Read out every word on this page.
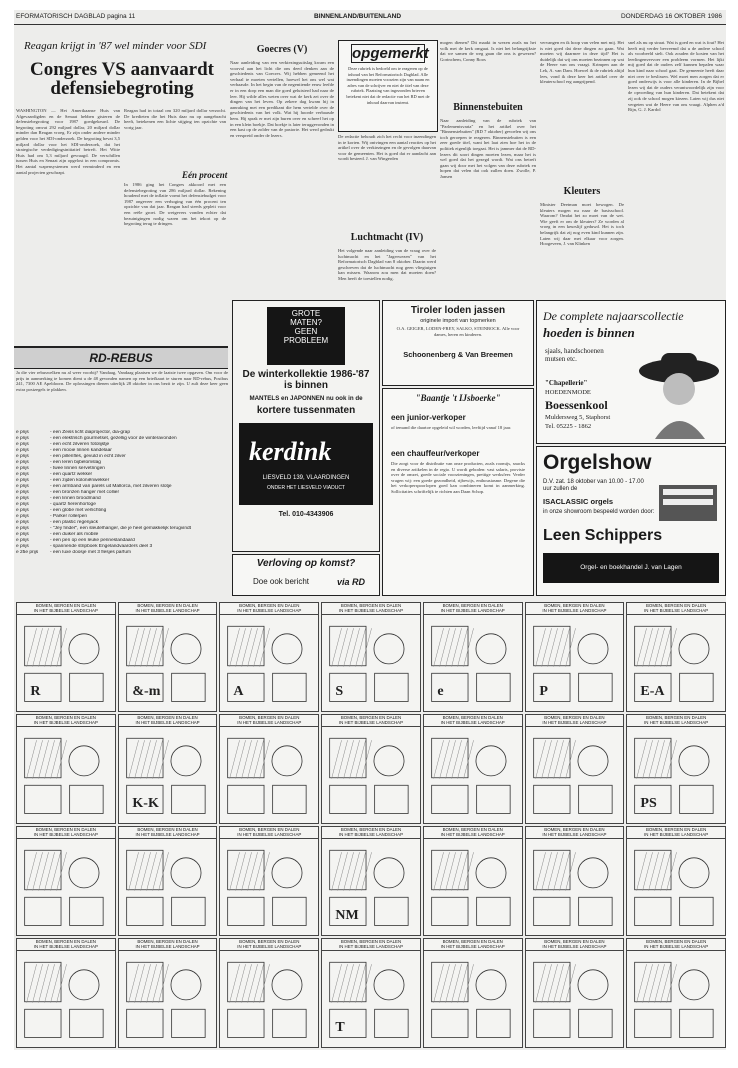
EFORMATORISCH DAGBLAD pagina 11	BINNENLAND/BUITENLAND	DONDERDAG 16 OKTOBER 1986
Reagan krijgt in '87 wel minder voor SDI
Congres VS aanvaardt defensiebegroting
WASHINGTON — Het Amerikaanse Huis van Afgevaardigden en de Senaat hebben gisteren de defensiebegroting voor 1987 goedgekeurd. De begroting omvat 292 miljard dollar, 20 miljard dollar minder dan Reagan vroeg. Er zijn onder andere minder gelden voor het SDI-onderzoek. De begroting bevat 3,5 miljard dollar voor het SDI-onderzoek, dat het strategische verdedigingsinitiatief betreft. Het Witte Huis had om 5,3 miljard gevraagd. De verschillen tussen Huis en Senaat zijn opgelost in een compromis. Het aantal wapensystemen werd verminderd en een aantal projecten geschrapt.
Reagan had in totaal om 320 miljard dollar verzocht. De kredieten die het Huis daar nu op aangebracht heeft, betekenen een lichte stijging ten opzichte van vorig jaar.
Eén procent
In 1986 ging het Congres akkoord met een defensiebegroting van 286 miljard dollar. Rekening houdend met de inflatie vormt het defensiebudget voor 1987 ongeveer een verhoging van één procent ten opzichte van dat jaar. Reagan had steeds gepleit voor een reële groei. De wetgevers vonden echter dat bezuinigingen nodig waren om het tekort op de begroting terug te dringen.
Goecres (V)
Naar aanleiding van een verkiezingsuitslag kwam een voorval aan het licht die ons deed denken aan de geschiedenis van Goecres. Wij hebben gemeend het verhaal te moeten vertellen, hoewel het ons wel wat verbaasde. In het begin van de negentiende eeuw leefde er in een dorp een man die goed geluisterd had naar de leer. Hij wilde alles weten over wat de kerk zei over de dingen van het leven. Op zekere dag kwam hij in aanraking met een predikant die hem vertelde over de geschiedenis van het volk. Wat hij hoorde verbaasde hem. Hij sprak er met zijn buren over en schreef het op in een klein boekje. Dat boekje is later teruggevonden in een kast op de zolder van de pastorie. Het werd gedrukt en verspreid onder de lezers.
opgemerkt
Deze rubriek is bedoeld om te reageren op de inhoud van het Reformatorisch Dagblad. Alle inzendingen moeten voorzien zijn van naam en adres van de schrijver en niet de titel van deze rubriek. Plaatsing van ingezonden brieven betekent niet dat de redactie van het RD met de inhoud daarvan instemt.
De redactie behoudt zich het recht voor inzendingen in te korten. Wij ontvingen een aantal reacties op het artikel over de verkiezingen en de gevolgen daarvan voor de gemeenten. Het is goed dat er aandacht aan wordt besteed. J. van Wingerden
Luchtmacht (IV)
Het volgende naar aanleiding van de vraag over de luchtmacht en het "Jagerwezen" van het Reformatorisch Dagblad van 8 oktober. Daarin werd geschreven dat de luchtmacht nog geen vliegtuigen kan missen. Waarom zou men dat moeten doen? Men heeft de toestellen nodig.
mogen dienen? Dit maakt in wezen zoals nu het volk met de kerk omgaat. Is niet het belangrijkste dat we samen de weg gaan die ons is gewezen? Gorinchem, Conny Roos
Binnenstebuiten
Naar aanleiding van de rubriek van "Parlementsvaria" en het artikel over het "Binnenstebuiten" (RD 7 oktober) gevoelen wij ons toch geroepen te reageren. Binnenstebuiten is een zeer goede titel, want het laat zien hoe het in de politiek eigenlijk toegaat. Het is jammer dat de RD-lezers dit soort dingen moeten lezen, maar het is wel goed dat het gezegd wordt. Wat ons betreft gaan wij door met het volgen van deze rubriek en hopen dat velen dat ook zullen doen. Zwolle, P. Jansen
vervangen en ik hoop van velen met mij. Het is niet goed dat deze dingen zo gaan. Wat moeten wij daarmee in deze tijd? Het is duidelijk dat wij ons moeten bezinnen op wat de Heere van ons vraagt. Krimpen aan de Lek, A. van Dam. Hoewel ik de rubriek altijd lees, vond ik deze keer het artikel over de kleuterschool erg aangrijpend.
Kleuters
Minister Deetman moet bewogen. De kleuters mogen nu naar de basisschool. Waarom? Omdat het zo moet van de wet. Wie geeft er om de kleuters? Ze worden al vroeg in een keurslijf geduwd. Het is toch belangrijk dat zij nog even kind kunnen zijn. Laten wij daar met elkaar voor zorgen. Hoogeveen, J. van Klinken
snel als nu op straat. Wat is goed en wat is fout? Het heeft mij verder bevreemd dat u de andere school als voorbeeld stelt. Ook zouden de kosten van het leerlingenvervoer een probleem vormen. Het lijkt mij goed dat de ouders zelf kunnen bepalen waar hun kind naar school gaat. De gemeente heeft daar niet over te beslissen. Wel moet men zorgen dat er goed onderwijs is voor alle kinderen. In de Bijbel lezen wij dat de ouders verantwoordelijk zijn voor de opvoeding van hun kinderen. Dat betekent dat zij ook de school mogen kiezen. Laten wij dus niet vergeten wat de Heere van ons vraagt. Alphen a/d Rijn, G. J. Kardol
RD-REBUS
Ja die vier rebuswelken nu al weer voorbij? Vandaag, Vandaag plaatsen we de laatste twee opgaven. Om voor de prijs in aanmerking te komen dient u de 48 gevonden namen op een briefkaart te sturen naar RD-rebus, Postbus 241, 7300 AE Apeldoorn. De oplossingen dienen uiterlijk 28 oktober in ons bezit te zijn. U zult deze keer geen extra postzegels te plakken.
e prijs	- een Zeiss licht diaprojector, dia-grap
e prijs	- een elektrisch gourmetset, gezellig voor de winteravonden
e prijs	- een echt zilveren fotolijstje
e prijs	- een mooie linnen kandelaar
e prijs	- een pillenfles, gevuld in echt zilver
e prijs	- een leren bijbelomslag
e prijs	- twee linnen servetringen
e prijs	- een quartz wekker
e prijs	- een zijden koloniënwekker
e prijs	- een armband van parels uit Mallorca, met zilveren slotje
e prijs	- een bronzen hanger met collier
e prijs	- een linnen broodmand
e prijs	- quartz herenhorloge
e prijs	- een globe met verlichting
e prijs	- Parker rollerpen
e prijs	- een plastic regenjack
e prijs	- "Jey finder", een sleutelhanger, die je heel gemakkelijk terugvindt
e prijs	- een duiker als mobile
e prijs	- een pen op een leuke penneslandaard
e prijs	- spannende stripboek Engelandvaarders deel 3
e 25e prijs - een luxe doosje met 3 flesjes parfum
GROTE
MATEN?
GEEN
PROBLEEM
De winterkollektie 1986-'87 is binnen
MANTELS en JAPONNEN nu ook in de
kortere tussenmaten
kerdink
LIESVELD 139, VLAARDINGEN
ONDER HET LIESVELD VIADUCT
Tel. 010-4343906
Verloving op komst?
Doe ook bericht	via RD
Tiroler loden jassen
originele import van topmerken
O.A. GEIGER, LODEN-FREY, SALKO, STEINBOCK. Alle voor dames, heren en kinderen.
Schoonenberg & Van Breemen
"Baantje 't IJsboerke"
een junior-verkoper
of iemand die daartoe opgeleid wil worden, leeftijd vanaf 18 jaar.
een chauffeur/verkoper
Die zorgt voor de distributie van onze producten, zoals roomijs, snacks en diverse artikelen in de regio. U wordt geboden: vast salaris, provisie over de omzet, goede sociale voorzieningen, prettige werksfeer. Verder vragen wij: een goede gezondheid, rijbewijs, enthousiasme. Degene die het verkoperspoorlopen goed kan combineren komt in aanmerking. Sollicitaties schriftelijk te richten aan Daan Schop.
De complete najaarscollectie
hoeden is binnen
sjaals, handschoenen mutsen etc.
"Chapellerie"
HOEDENMODE
Boessenkool
Muldersweg 5, Staphorst
Tel. 05225 - 1862
Orgelshow
D.V. zat. 18 oktober van 10.00 - 17.00 uur zullen de
ISACLASSIC orgels
in onze showroom bespeeld worden door:
Leen Schippers
Orgel- en boekhandel J. van Lagen
BOMEN, BERGEN EN DALEN
IN HET BIJBELSE LANDSCHAP
R
BOMEN, BERGEN EN DALEN
IN HET BIJBELSE LANDSCHAP
&-m
BOMEN, BERGEN EN DALEN
IN HET BIJBELSE LANDSCHAP
A
BOMEN, BERGEN EN DALEN
IN HET BIJBELSE LANDSCHAP
S
BOMEN, BERGEN EN DALEN
IN HET BIJBELSE LANDSCHAP
e
BOMEN, BERGEN EN DALEN
IN HET BIJBELSE LANDSCHAP
P
BOMEN, BERGEN EN DALEN
IN HET BIJBELSE LANDSCHAP
E-A
BOMEN, BERGEN EN DALEN
IN HET BIJBELSE LANDSCHAP
BOMEN, BERGEN EN DALEN
IN HET BIJBELSE LANDSCHAP
K-K
BOMEN, BERGEN EN DALEN
IN HET BIJBELSE LANDSCHAP
BOMEN, BERGEN EN DALEN
IN HET BIJBELSE LANDSCHAP
BOMEN, BERGEN EN DALEN
IN HET BIJBELSE LANDSCHAP
BOMEN, BERGEN EN DALEN
IN HET BIJBELSE LANDSCHAP
BOMEN, BERGEN EN DALEN
IN HET BIJBELSE LANDSCHAP
PS
BOMEN, BERGEN EN DALEN
IN HET BIJBELSE LANDSCHAP
BOMEN, BERGEN EN DALEN
IN HET BIJBELSE LANDSCHAP
BOMEN, BERGEN EN DALEN
IN HET BIJBELSE LANDSCHAP
BOMEN, BERGEN EN DALEN
IN HET BIJBELSE LANDSCHAP
NM
BOMEN, BERGEN EN DALEN
IN HET BIJBELSE LANDSCHAP
BOMEN, BERGEN EN DALEN
IN HET BIJBELSE LANDSCHAP
BOMEN, BERGEN EN DALEN
IN HET BIJBELSE LANDSCHAP
BOMEN, BERGEN EN DALEN
IN HET BIJBELSE LANDSCHAP
BOMEN, BERGEN EN DALEN
IN HET BIJBELSE LANDSCHAP
BOMEN, BERGEN EN DALEN
IN HET BIJBELSE LANDSCHAP
BOMEN, BERGEN EN DALEN
IN HET BIJBELSE LANDSCHAP
T
BOMEN, BERGEN EN DALEN
IN HET BIJBELSE LANDSCHAP
BOMEN, BERGEN EN DALEN
IN HET BIJBELSE LANDSCHAP
BOMEN, BERGEN EN DALEN
IN HET BIJBELSE LANDSCHAP
